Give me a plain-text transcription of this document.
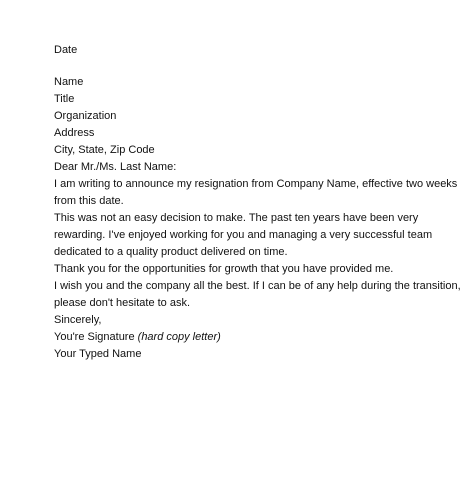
Date

Name

Title

Organization

Address

City, State, Zip Code

Dear Mr./Ms. Last Name:

I am writing to announce my resignation from Company Name, effective two weeks from this date.

This was not an easy decision to make. The past ten years have been very rewarding. I've enjoyed working for you and managing a very successful team dedicated to a quality product delivered on time.

Thank you for the opportunities for growth that you have provided me.

I wish you and the company all the best. If I can be of any help during the transition, please don't hesitate to ask.

Sincerely,

You're Signature (hard copy letter)

Your Typed Name
